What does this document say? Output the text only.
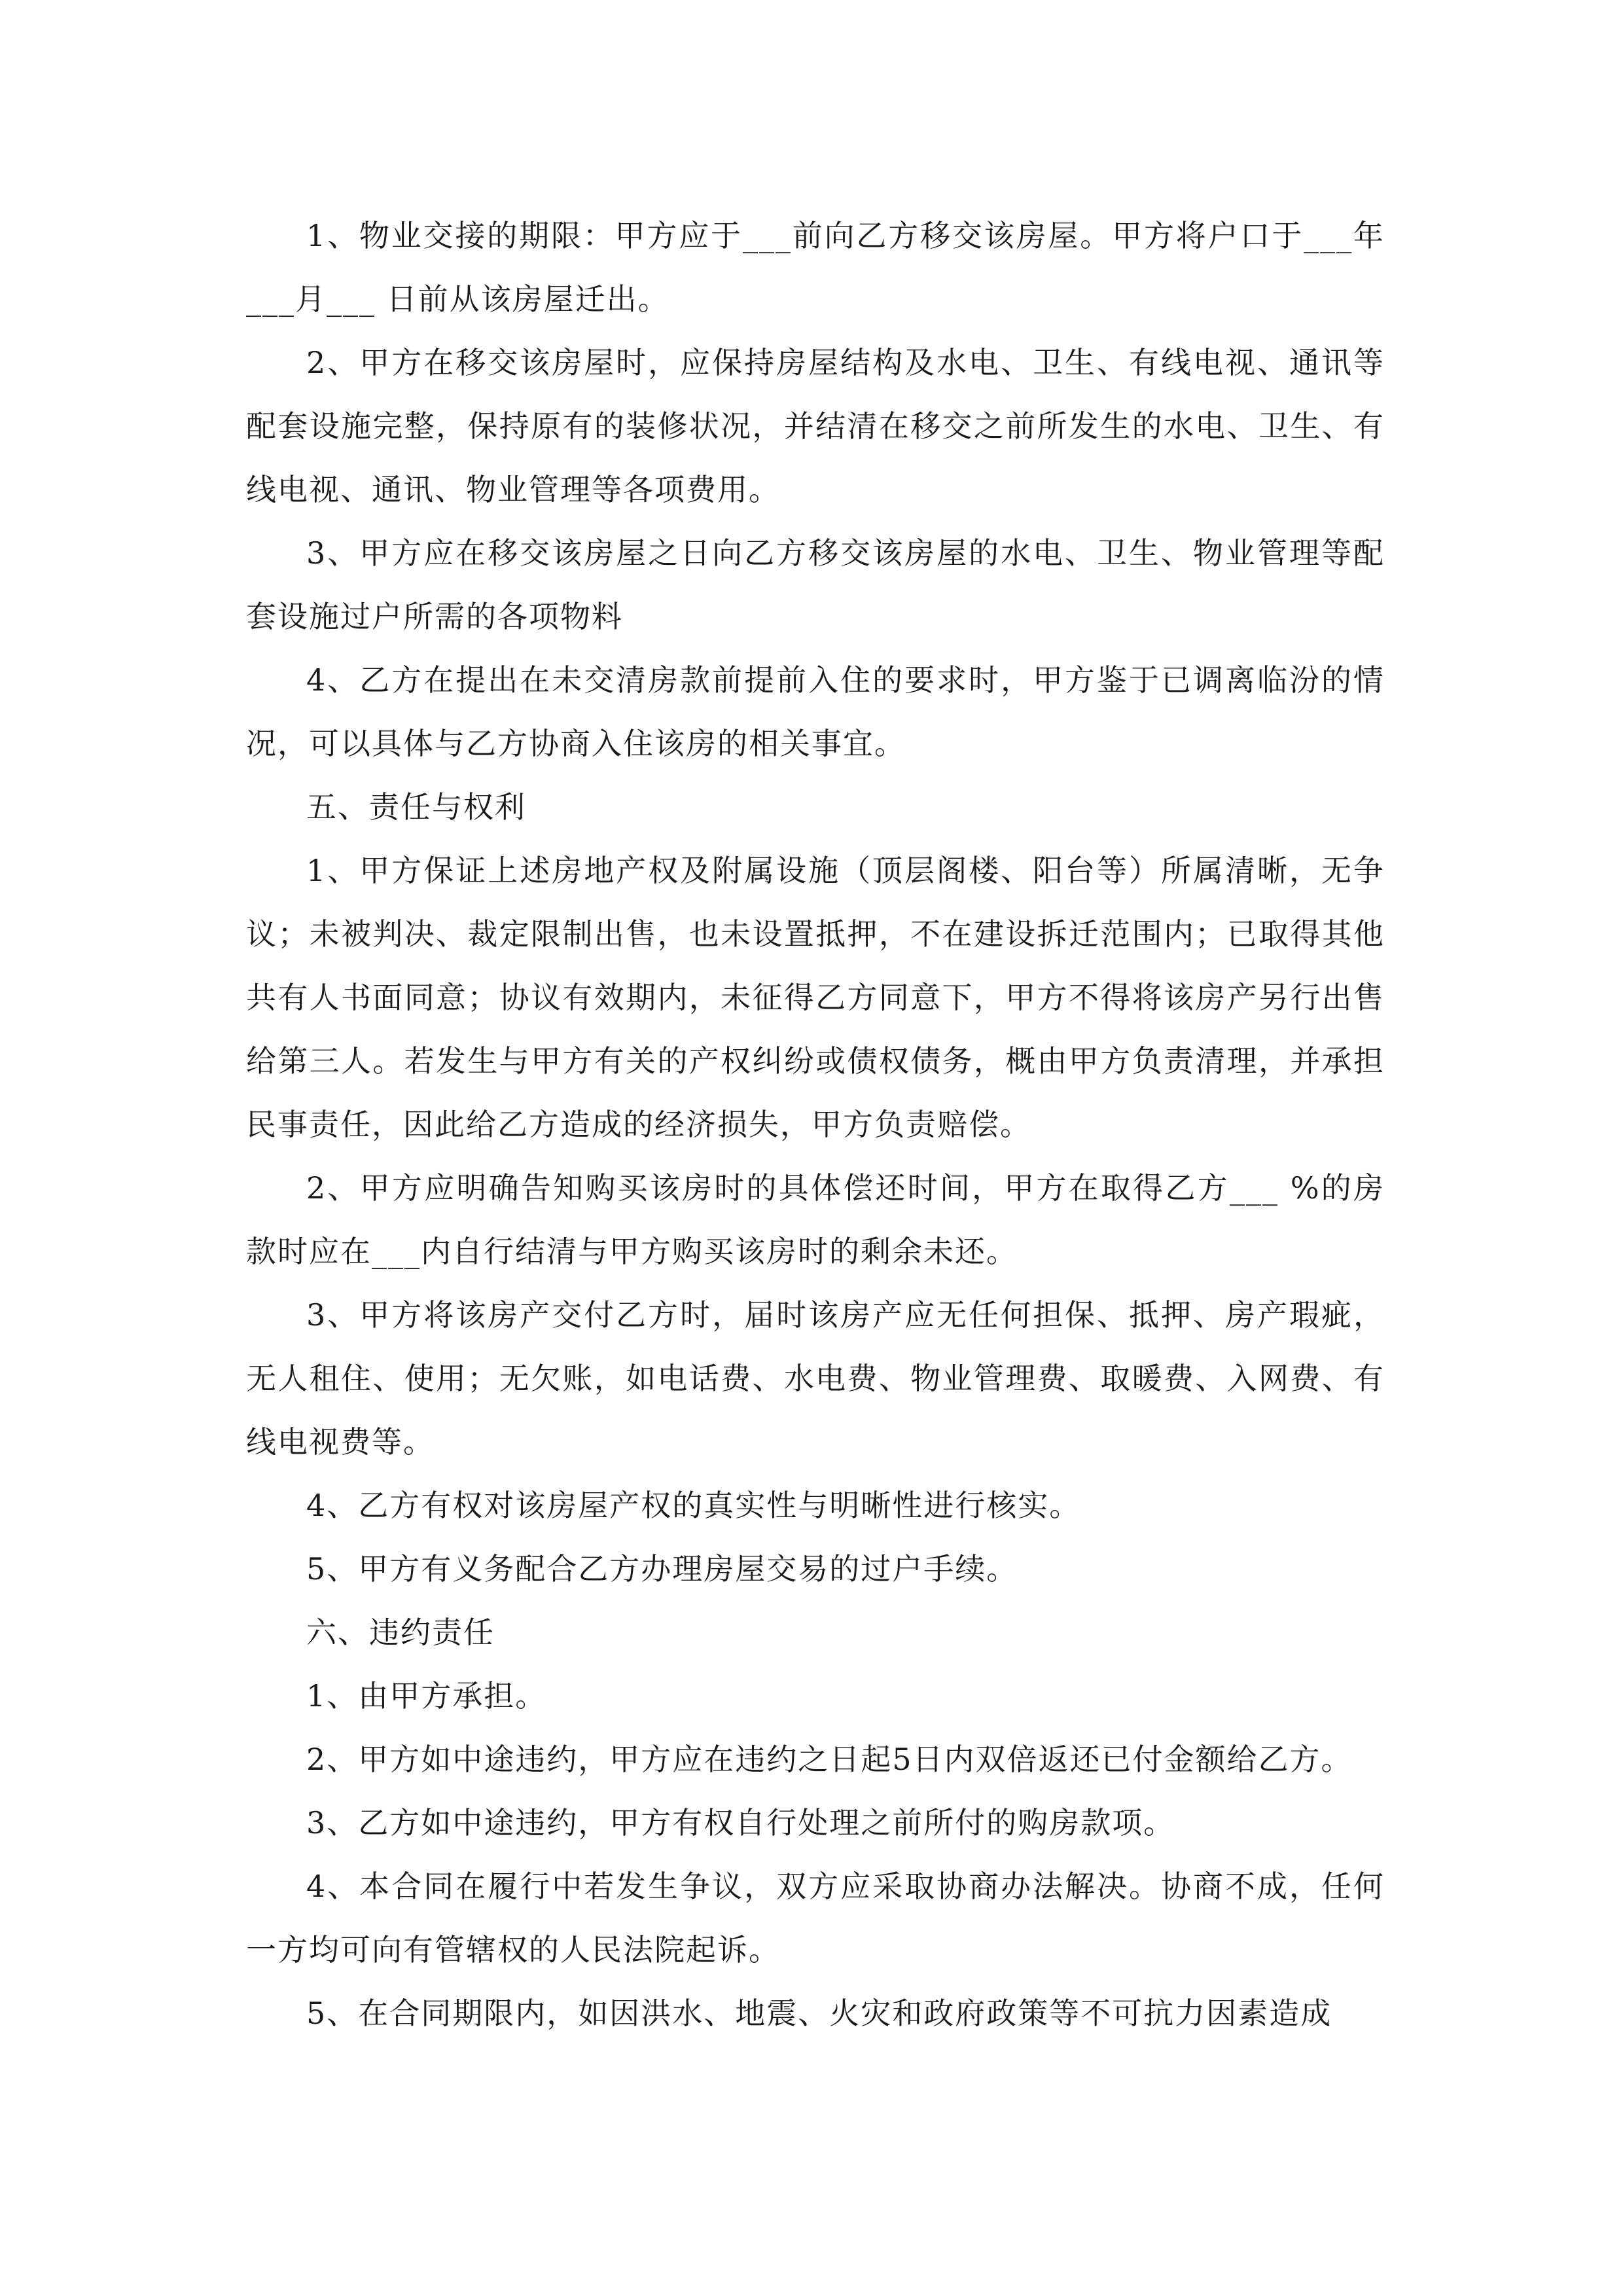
1、物业交接的期限：甲方应于___前向乙方移交该房屋。甲方将户口于___年___月___ 日前从该房屋迁出。

2、甲方在移交该房屋时，应保持房屋结构及水电、卫生、有线电视、通讯等配套设施完整，保持原有的装修状况，并结清在移交之前所发生的水电、卫生、有线电视、通讯、物业管理等各项费用。

3、甲方应在移交该房屋之日向乙方移交该房屋的水电、卫生、物业管理等配套设施过户所需的各项物料

4、乙方在提出在未交清房款前提前入住的要求时，甲方鉴于已调离临汾的情况，可以具体与乙方协商入住该房的相关事宜。

五、责任与权利

1、甲方保证上述房地产权及附属设施（顶层阁楼、阳台等）所属清晰，无争议；未被判决、裁定限制出售，也未设置抵押，不在建设拆迁范围内；已取得其他共有人书面同意；协议有效期内，未征得乙方同意下，甲方不得将该房产另行出售给第三人。若发生与甲方有关的产权纠纷或债权债务，概由甲方负责清理，并承担民事责任，因此给乙方造成的经济损失，甲方负责赔偿。

2、甲方应明确告知购买该房时的具体偿还时间，甲方在取得乙方___ %的房款时应在___内自行结清与甲方购买该房时的剩余未还。

3、甲方将该房产交付乙方时，届时该房产应无任何担保、抵押、房产瑕疵，无人租住、使用；无欠账，如电话费、水电费、物业管理费、取暖费、入网费、有线电视费等。

4、乙方有权对该房屋产权的真实性与明晰性进行核实。

5、甲方有义务配合乙方办理房屋交易的过户手续。

六、违约责任

1、由甲方承担。

2、甲方如中途违约，甲方应在违约之日起5日内双倍返还已付金额给乙方。

3、乙方如中途违约，甲方有权自行处理之前所付的购房款项。

4、本合同在履行中若发生争议，双方应采取协商办法解决。协商不成，任何一方均可向有管辖权的人民法院起诉。

5、在合同期限内，如因洪水、地震、火灾和政府政策等不可抗力因素造成
